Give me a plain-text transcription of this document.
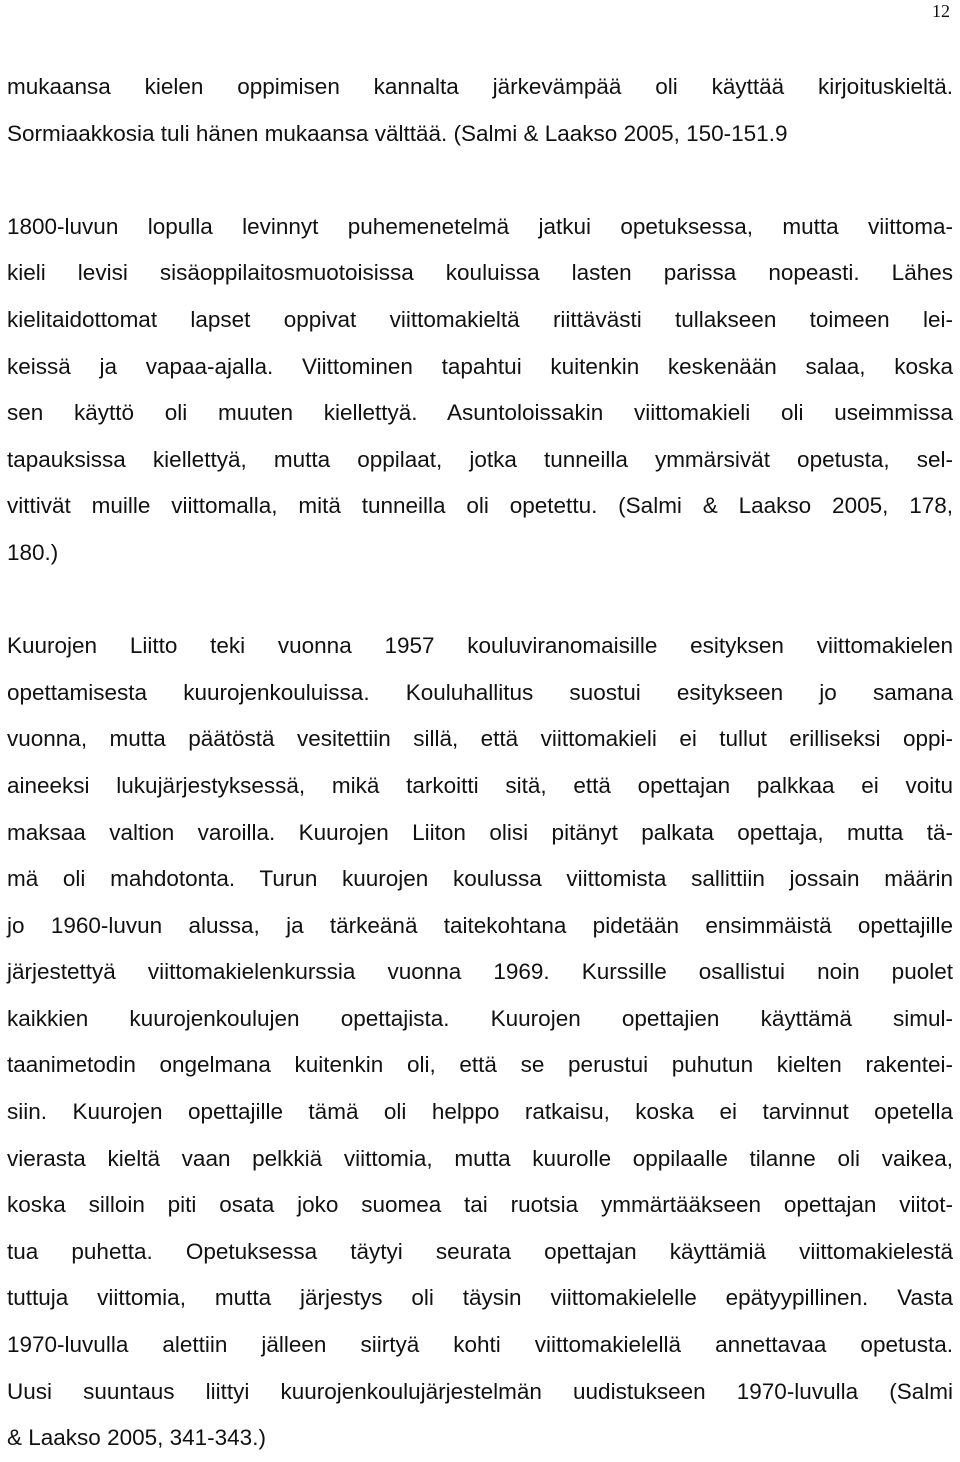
12
mukaansa kielen oppimisen kannalta järkevämpää oli käyttää kirjoituskieltä.
Sormiaakkosia tuli hänen mukaansa välttää. (Salmi & Laakso 2005, 150-151.9
1800-luvun lopulla levinnyt puhemenetelmä jatkui opetuksessa, mutta viittoma-
kieli levisi sisäoppilaitosmuotoisissa kouluissa lasten parissa nopeasti. Lähes
kielitaidottomat lapset oppivat viittomakieltä riittävästi tullakseen toimeen lei-
keissä ja vapaa-ajalla. Viittominen tapahtui kuitenkin keskenään salaa, koska
sen käyttö oli muuten kiellettyä. Asuntoloissakin viittomakieli oli useimmissa
tapauksissa kiellettyä, mutta oppilaat, jotka tunneilla ymmärsivät opetusta, sel-
vittivät muille viittomalla, mitä tunneilla oli opetettu. (Salmi & Laakso 2005, 178,
180.)
Kuurojen Liitto teki vuonna 1957 kouluviranomaisille esityksen viittomakielen
opettamisesta kuurojenkouluissa. Kouluhallitus suostui esitykseen jo samana
vuonna, mutta päätöstä vesitettiin sillä, että viittomakieli ei tullut erilliseksi oppi-
aineeksi lukujärjestyksessä, mikä tarkoitti sitä, että opettajan palkkaa ei voitu
maksaa valtion varoilla. Kuurojen Liiton olisi pitänyt palkata opettaja, mutta tä-
mä oli mahdotonta. Turun kuurojen koulussa viittomista sallittiin jossain määrin
jo 1960-luvun alussa, ja tärkeänä taitekohtana pidetään ensimmäistä opettajille
järjestettyä viittomakielenkurssia vuonna 1969. Kurssille osallistui noin puolet
kaikkien kuurojenkoulujen opettajista. Kuurojen opettajien käyttämä simul-
taanimetodin ongelmana kuitenkin oli, että se perustui puhutun kielten rakentei-
siin. Kuurojen opettajille tämä oli helppo ratkaisu, koska ei tarvinnut opetella
vierasta kieltä vaan pelkkiä viittomia, mutta kuurolle oppilaalle tilanne oli vaikea,
koska silloin piti osata joko suomea tai ruotsia ymmärtääkseen opettajan viitot-
tua puhetta. Opetuksessa täytyi seurata opettajan käyttämiä viittomakielestä
tuttuja viittomia, mutta järjestys oli täysin viittomakielelle epätyypillinen. Vasta
1970-luvulla alettiin jälleen siirtyä kohti viittomakielellä annettavaa opetusta.
Uusi suuntaus liittyi kuurojenkoulujärjestelmän uudistukseen 1970-luvulla (Salmi
& Laakso 2005, 341-343.)
